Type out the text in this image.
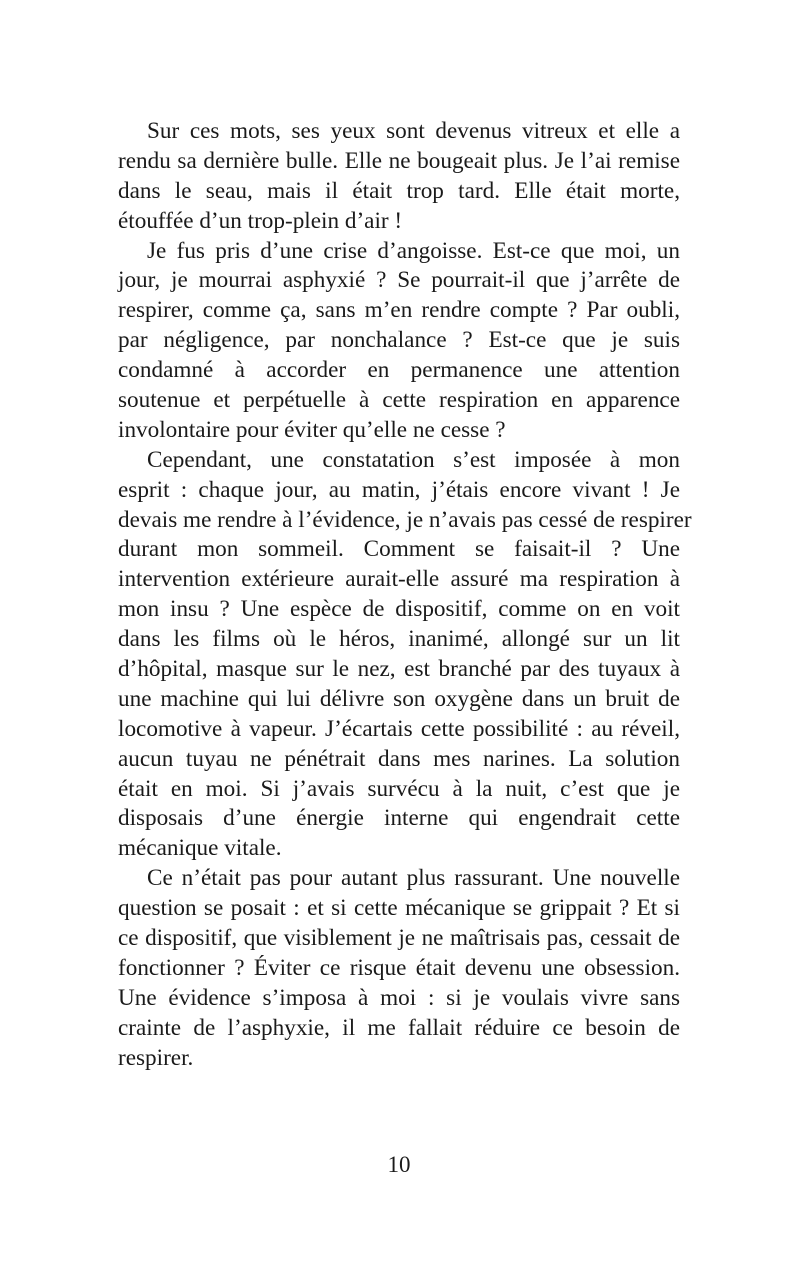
Sur ces mots, ses yeux sont devenus vitreux et elle a
rendu sa dernière bulle. Elle ne bougeait plus. Je l’ai remise
dans le seau, mais il était trop tard. Elle était morte,
étouffée d’un trop-plein d’air !
Je fus pris d’une crise d’angoisse. Est-ce que moi, un
jour, je mourrai asphyxié ? Se pourrait-il que j’arrête de
respirer, comme ça, sans m’en rendre compte ? Par oubli,
par négligence, par nonchalance ? Est-ce que je suis
condamné à accorder en permanence une attention
soutenue et perpétuelle à cette respiration en apparence
involontaire pour éviter qu’elle ne cesse ?
Cependant, une constatation s’est imposée à mon
esprit : chaque jour, au matin, j’étais encore vivant ! Je
devais me rendre à l’évidence, je n’avais pas cessé de respirer
durant mon sommeil. Comment se faisait-il ? Une
intervention extérieure aurait-elle assuré ma respiration à
mon insu ? Une espèce de dispositif, comme on en voit
dans les films où le héros, inanimé, allongé sur un lit
d’hôpital, masque sur le nez, est branché par des tuyaux à
une machine qui lui délivre son oxygène dans un bruit de
locomotive à vapeur. J’écartais cette possibilité : au réveil,
aucun tuyau ne pénétrait dans mes narines. La solution
était en moi. Si j’avais survécu à la nuit, c’est que je
disposais d’une énergie interne qui engendrait cette
mécanique vitale.
Ce n’était pas pour autant plus rassurant. Une nouvelle
question se posait : et si cette mécanique se grippait ? Et si
ce dispositif, que visiblement je ne maîtrisais pas, cessait de
fonctionner ? Éviter ce risque était devenu une obsession.
Une évidence s’imposa à moi : si je voulais vivre sans
crainte de l’asphyxie, il me fallait réduire ce besoin de
respirer.
10
